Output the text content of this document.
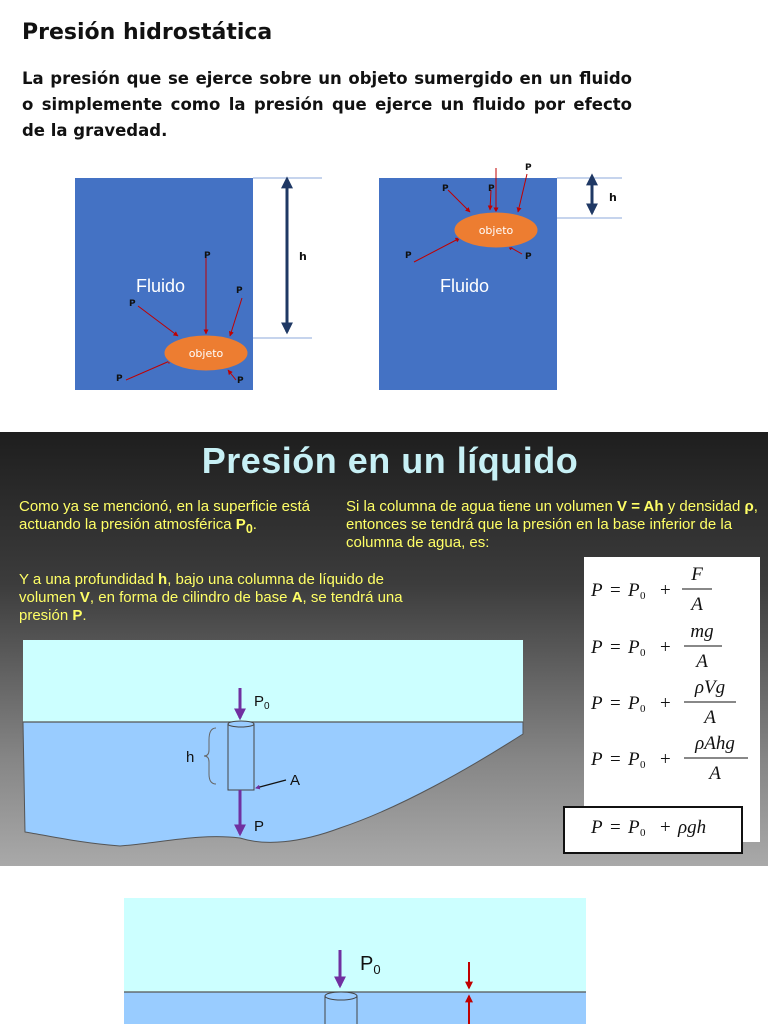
Presión hidrostática
La presión que se ejerce sobre un objeto sumergido en un fluido o simplemente como la presión que ejerce un fluido por efecto de la gravedad.
h
Fluido
P
P
P
P	P
objeto
h
Fluido
P
P	P
P	P
objeto
Presión en un líquido
Como ya se mencionó, en la superficie está actuando la presión atmosférica $P_0$.
Y a una profundidad h, bajo una columna de líquido de volumen V, en forma de cilindro de base A, se tendrá una presión P.
Si la columna de agua tiene un volumen V = Ah y densidad ρ, entonces se tendrá que la presión en la base inferior de la columna de agua, es:
$P_0$
h
A
P
P = P 0 +
F
A
P = P 0 +
mg
A
P = P 0 +
ρVg
A
P = P 0 +
ρAhg
A
P = P 0 + ρgh
$P_0$
